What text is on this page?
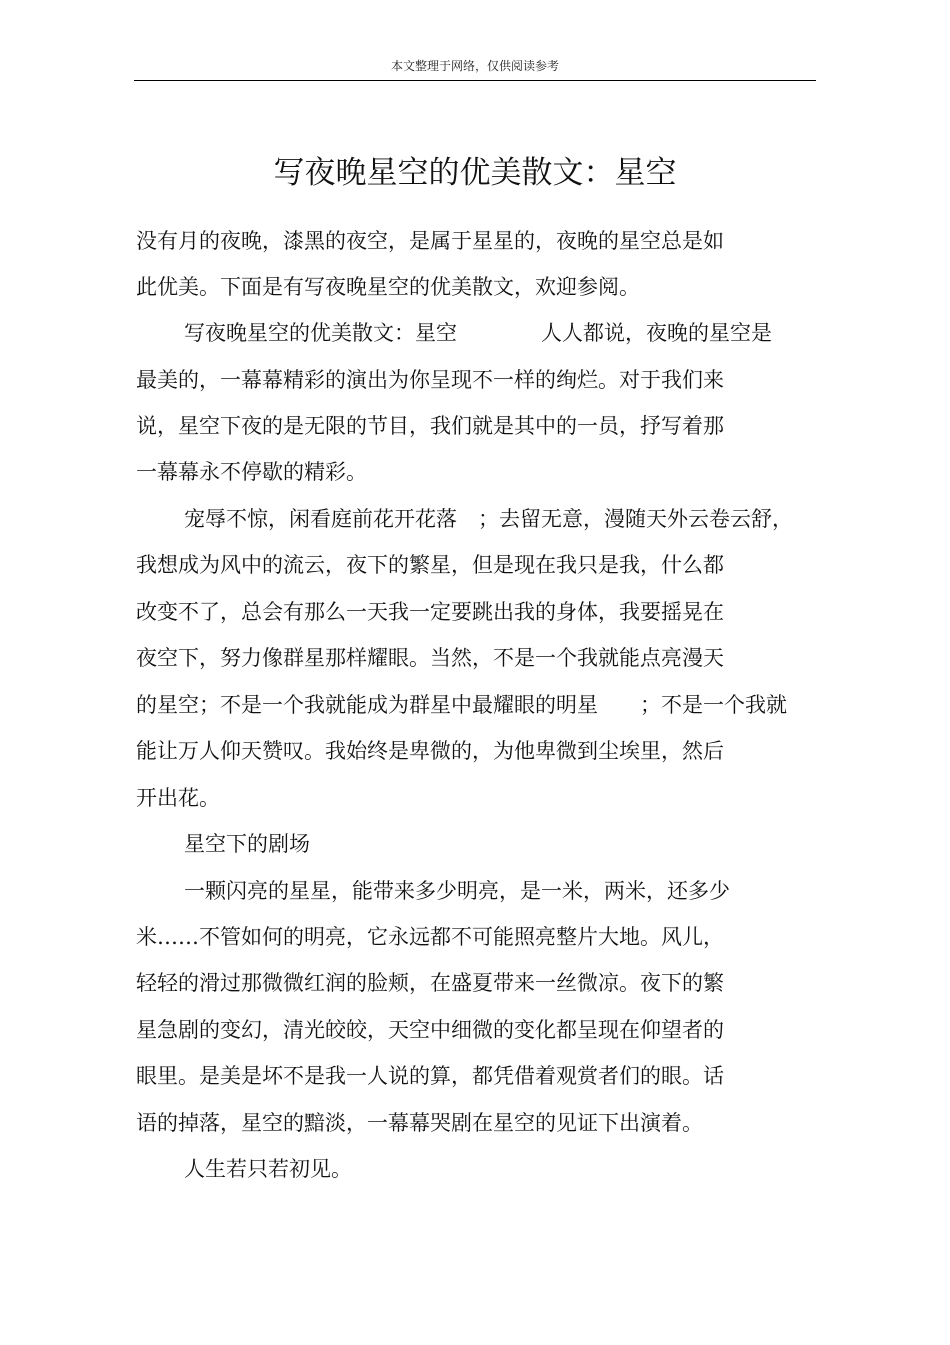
本文整理于网络，仅供阅读参考
写夜晚星空的优美散文：星空
没有月的夜晚，漆黑的夜空，是属于星星的，夜晚的星空总是如
此优美。下面是有写夜晚星空的优美散文，欢迎参阅。
写夜晚星空的优美散文：星空　　　　人人都说，夜晚的星空是
最美的，一幕幕精彩的演出为你呈现不一样的绚烂。对于我们来
说，星空下夜的是无限的节目，我们就是其中的一员，抒写着那
一幕幕永不停歇的精彩。
宠辱不惊，闲看庭前花开花落　；去留无意，漫随天外云卷云舒，
我想成为风中的流云，夜下的繁星，但是现在我只是我，什么都
改变不了，总会有那么一天我一定要跳出我的身体，我要摇晃在
夜空下，努力像群星那样耀眼。当然，不是一个我就能点亮漫天
的星空；不是一个我就能成为群星中最耀眼的明星　　；不是一个我就
能让万人仰天赞叹。我始终是卑微的，为他卑微到尘埃里，然后
开出花。
星空下的剧场
一颗闪亮的星星，能带来多少明亮，是一米，两米，还多少
米……不管如何的明亮，它永远都不可能照亮整片大地。风儿，
轻轻的滑过那微微红润的脸颊，在盛夏带来一丝微凉。夜下的繁
星急剧的变幻，清光皎皎，天空中细微的变化都呈现在仰望者的
眼里。是美是坏不是我一人说的算，都凭借着观赏者们的眼。话
语的掉落，星空的黯淡，一幕幕哭剧在星空的见证下出演着。
人生若只若初见。
